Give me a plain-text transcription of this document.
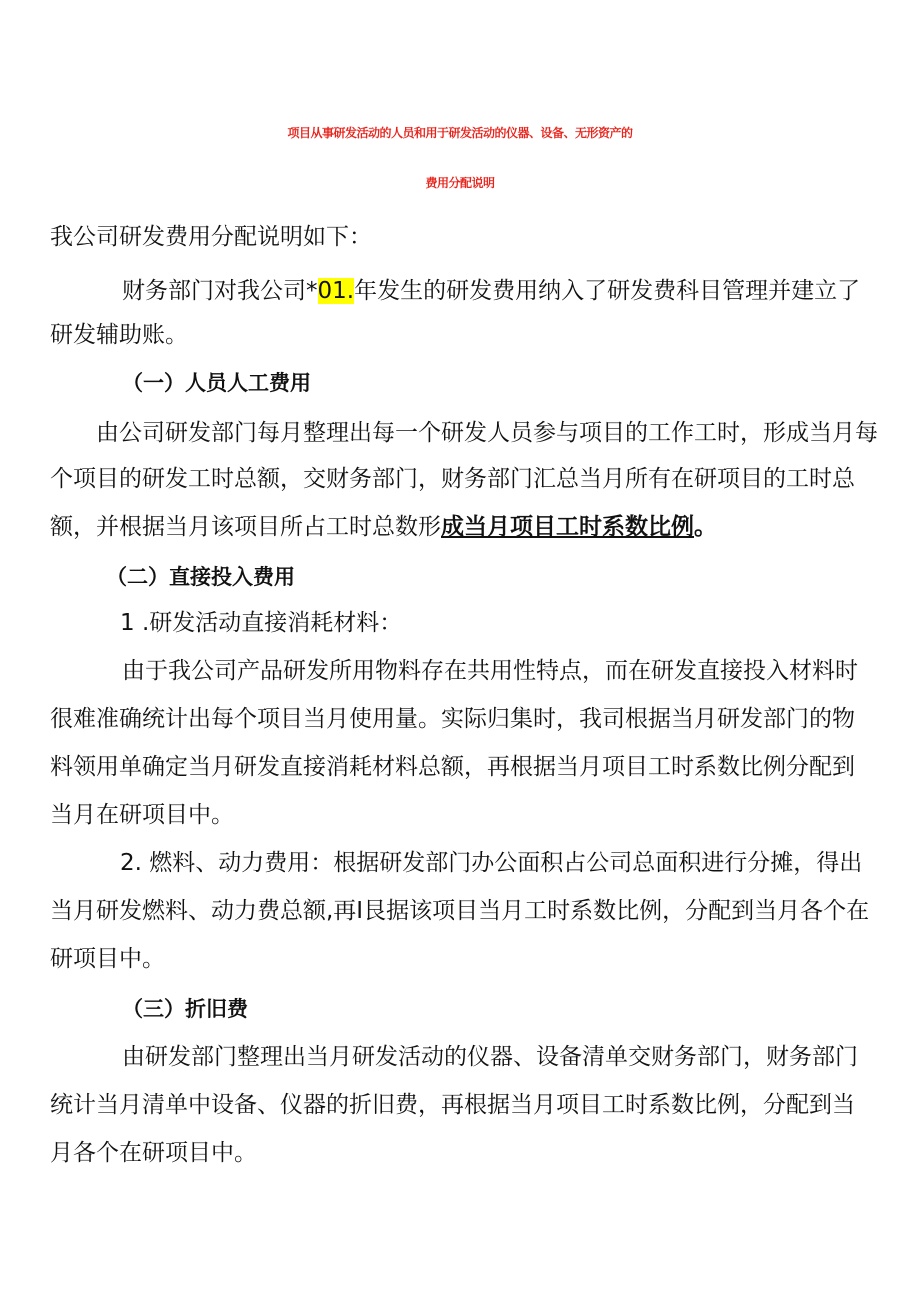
项目从事研发活动的人员和用于研发活动的仪器、设备、无形资产的
费用分配说明
我公司研发费用分配说明如下：
财务部门对我公司*01.年发生的研发费用纳入了研发费科目管理并建立了
研发辅助账。
（一）人员人工费用
由公司研发部门每月整理出每一个研发人员参与项目的工作工时，形成当月每
个项目的研发工时总额，交财务部门，财务部门汇总当月所有在研项目的工时总
额，并根据当月该项目所占工时总数形成当月项目工时系数比例。
（二）直接投入费用
1 .研发活动直接消耗材料：
由于我公司产品研发所用物料存在共用性特点，而在研发直接投入材料时
很难准确统计出每个项目当月使用量。实际归集时，我司根据当月研发部门的物
料领用单确定当月研发直接消耗材料总额，再根据当月项目工时系数比例分配到
当月在研项目中。
2. 燃料、动力费用：根据研发部门办公面积占公司总面积进行分摊，得出
当月研发燃料、动力费总额,再I艮据该项目当月工时系数比例，分配到当月各个在
研项目中。
（三）折旧费
由研发部门整理出当月研发活动的仪器、设备清单交财务部门，财务部门
统计当月清单中设备、仪器的折旧费，再根据当月项目工时系数比例，分配到当
月各个在研项目中。
